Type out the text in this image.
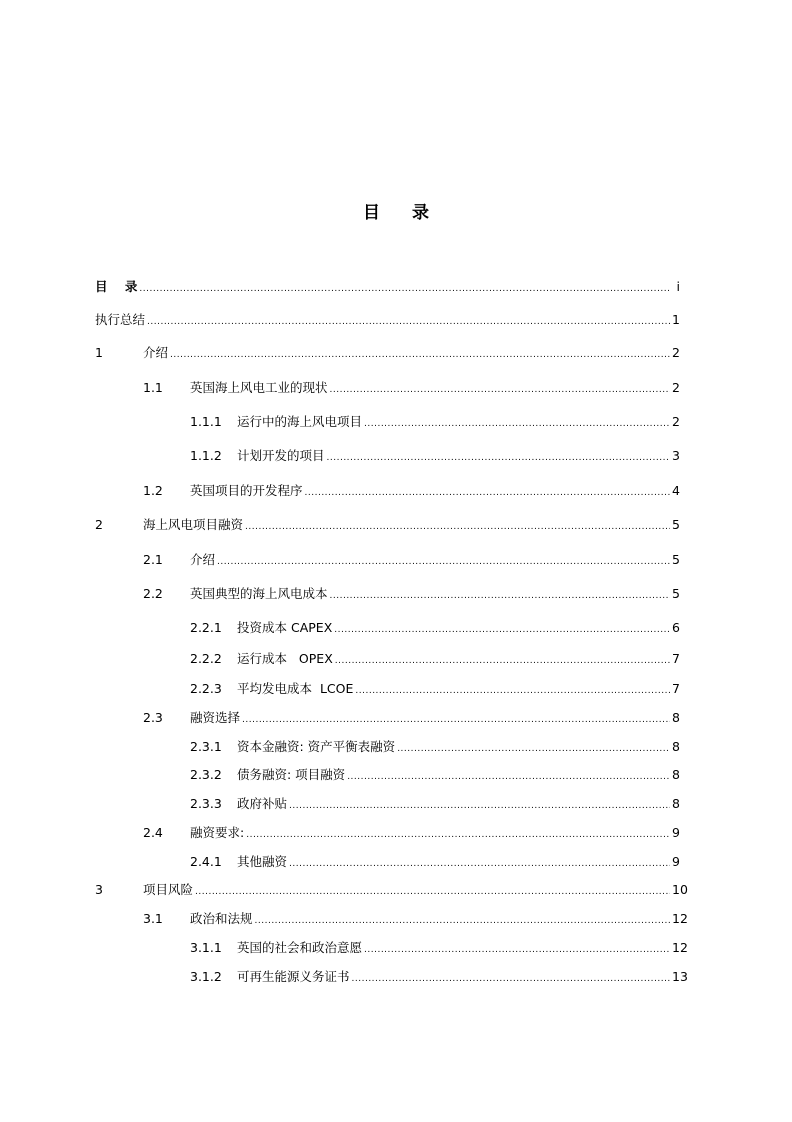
目 录
目    录 .....	i
执行总结 .....	1
1	介绍 .....	2
1.1 英国海上风电工业的现状 .....	2
1.1.1 运行中的海上风电项目 .....	2
1.1.2 计划开发的项目 .....	3
1.2 英国项目的开发程序 .....	4
2	海上风电项目融资 .....	5
2.1 介绍 .....	5
2.2 英国典型的海上风电成本 .....	5
2.2.1 投资成本 CAPEX .....	6
2.2.2 运行成本   OPEX .....	7
2.2.3 平均发电成本  LCOE .....	7
2.3 融资选择 .....	8
2.3.1 资本金融资: 资产平衡表融资 .....	8
2.3.2 债务融资: 项目融资 .....	8
2.3.3 政府补贴 .....	8
2.4 融资要求: .....	9
2.4.1 其他融资 .....	9
3	项目风险 .....	10
3.1 政治和法规 .....	12
3.1.1 英国的社会和政治意愿 .....	12
3.1.2 可再生能源义务证书 .....	13
